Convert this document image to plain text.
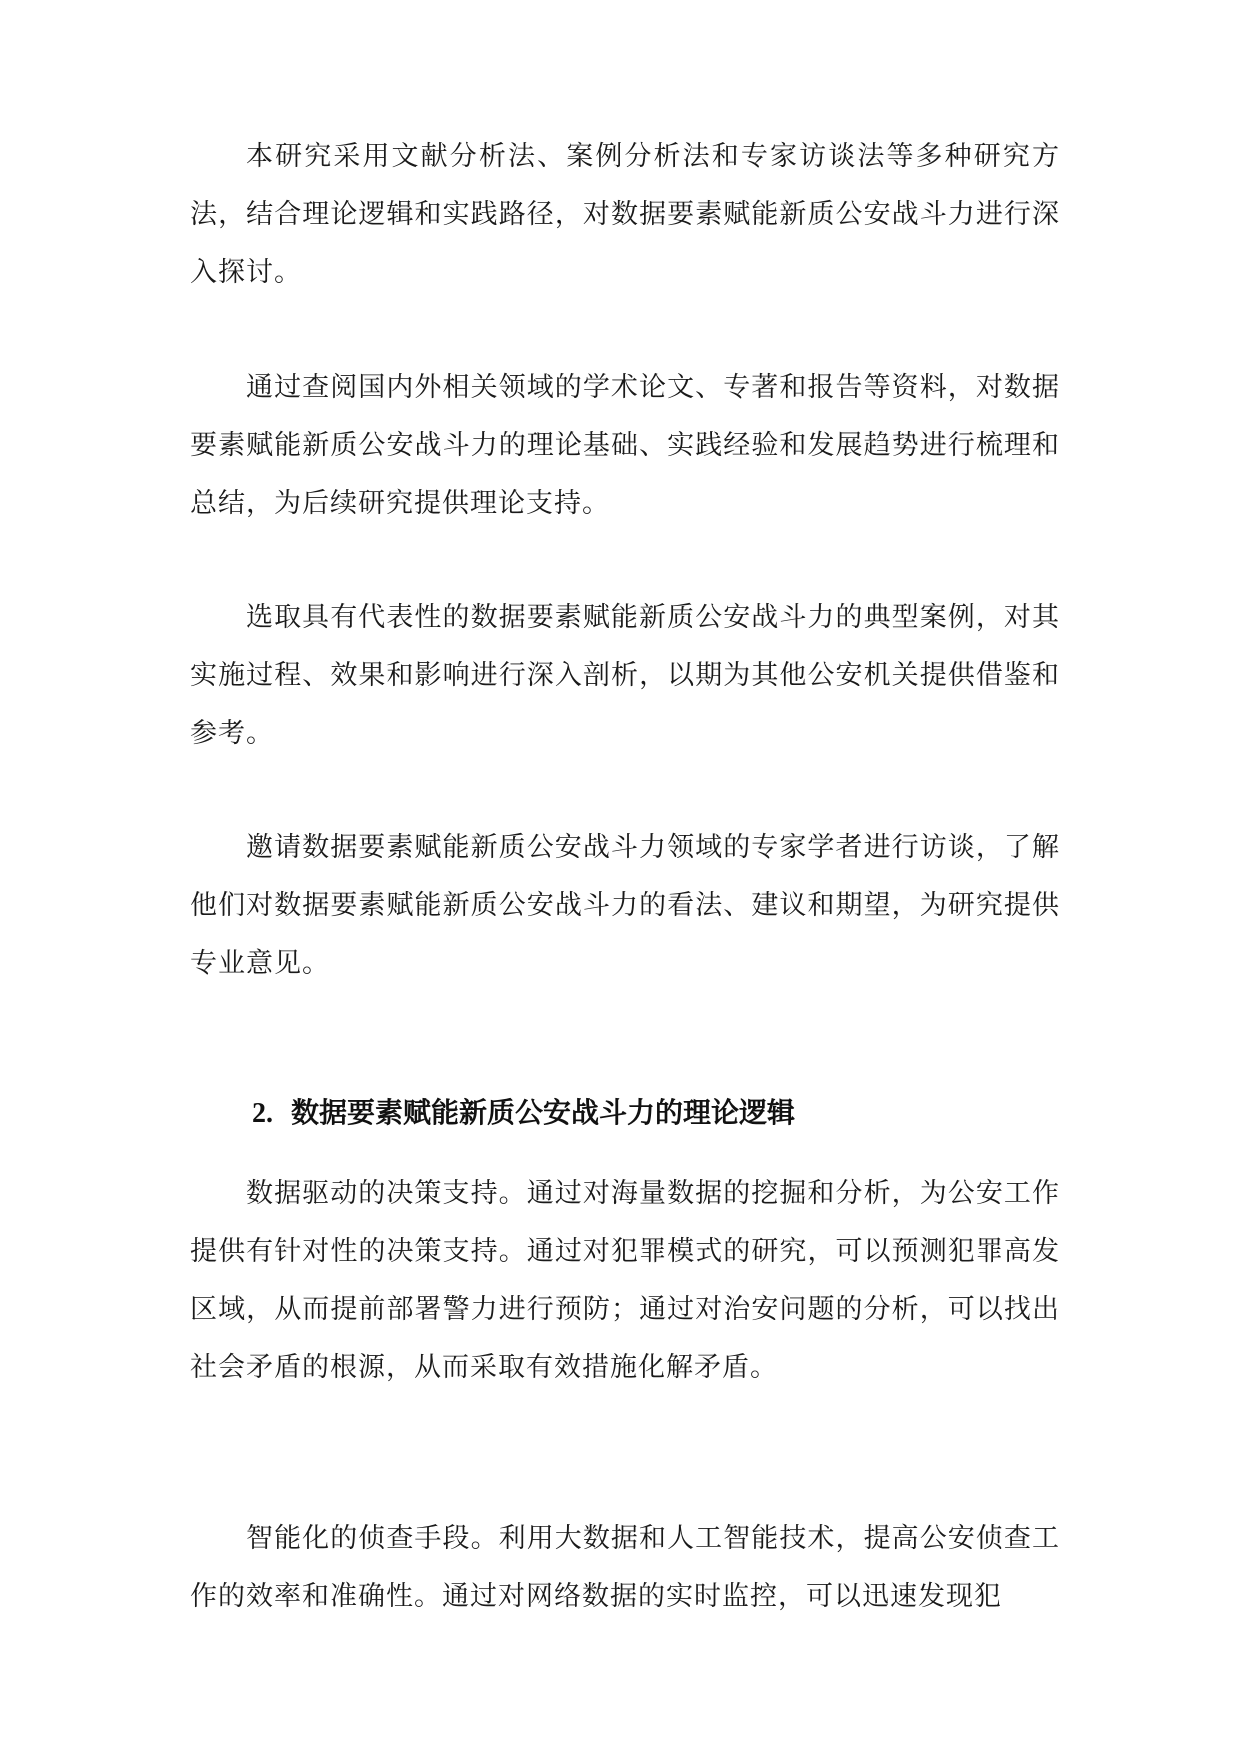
本研究采用文献分析法、案例分析法和专家访谈法等多种研究方法，结合理论逻辑和实践路径，对数据要素赋能新质公安战斗力进行深入探讨。

通过查阅国内外相关领域的学术论文、专著和报告等资料，对数据要素赋能新质公安战斗力的理论基础、实践经验和发展趋势进行梳理和总结，为后续研究提供理论支持。

选取具有代表性的数据要素赋能新质公安战斗力的典型案例，对其实施过程、效果和影响进行深入剖析，以期为其他公安机关提供借鉴和参考。

邀请数据要素赋能新质公安战斗力领域的专家学者进行访谈，了解他们对数据要素赋能新质公安战斗力的看法、建议和期望，为研究提供专业意见。

2. 数据要素赋能新质公安战斗力的理论逻辑

数据驱动的决策支持。通过对海量数据的挖掘和分析，为公安工作提供有针对性的决策支持。通过对犯罪模式的研究，可以预测犯罪高发区域，从而提前部署警力进行预防；通过对治安问题的分析，可以找出社会矛盾的根源，从而采取有效措施化解矛盾。

智能化的侦查手段。利用大数据和人工智能技术，提高公安侦查工作的效率和准确性。通过对网络数据的实时监控，可以迅速发现犯
